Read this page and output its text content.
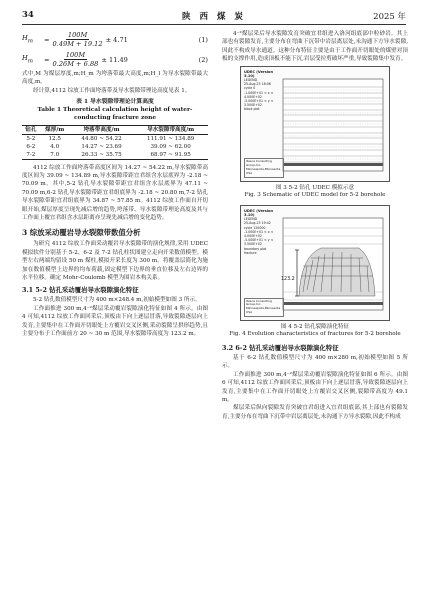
34	陕 西 煤 炭	2025 年
$H_m$	= $\frac{100M}{0.49M + 19.12} \pm 4.71$	(1)
$H_m$	= $\frac{100M}{0.26M + 6.88} \pm 11.49$	(2)

式中,M 为煤层厚度,m;H_m 为垮落带最大高度,m;H_l 为导水裂隙带最大高度,m。

经计算,4112 综放工作面垮落带及导水裂隙带理论高度见表 1。

表 1 导水裂隙带理论计算高度
Table 1 Theoretical calculation height of water-
conducting fracture zone
钻孔	煤厚/m	垮落带高度/m	导水裂隙带高度/m
5-2	12.5	44.80 ~ 54.22	111.91 ~ 134.89
6-2	4.0	14.27 ~ 23.69	39.09 ~ 62.00
7-2	7.0	26.33 ~ 35.75	68.97 ~ 91.95

4112 综放工作面垮落带高度区间为 14.27 ~ 54.22 m,导水裂隙带高度区间为 39.09 ~ 134.89 m,导水裂隙带距宜君组含水层底界为 -2.18 ~ 70.09 m。其中,5-2 钻孔导水裂隙带距宜君组含水层底界为 47.11 ~ 70.09 m,6-2 钻孔导水裂隙带距宜君组底界为 -2.18 ~ 20.80 m,7-2 钻孔导水裂隙带距宜君组底界为 34.87 ~ 57.85 m。4112 综放工作面自开切眼开始,煤层厚度呈现先减后增的趋势,垮落带、导水裂隙带理论高度及其与工作面上覆宜君组含水层距离亦呈现先减后增的变化趋势。

3 综放采动覆岩导水裂隙带数值分析

为研究 4112 综放工作面采动覆岩导水裂隙带的演化规律,采用 UDEC 模拟软件分别基于 5-2、6-2 及 7-2 钻孔柱状图建立走向开采数值模型。模型左右两端均留设 50 m 煤柱,模拟开采长度为 300 m。将覆盖层简化为施加在数值模型上边界的均布荷载,固定模型下边界的垂直位移及左右边界的水平位移。确定 Mohr-Coulomb 模型为围岩本构关系。

3.1 5-2 钻孔采动覆岩导水裂隙演化特征

5-2 钻孔数值模型尺寸为 400 m×248.4 m,初始模型如图 3 所示。

工作面推进 300 m,4⁻²煤层采动覆岩裂隙演化特征如图 4 所示。由图 4 可知,4112 综放工作面回采后,顶板由下向上逐层冒落,导致裂隙逐层向上发育,主要集中在工作面开切眼处上方覆岩交叉区侧,采动裂隙呈拱形趋势,且主要分布于工作面前方 20 ~ 30 m 范围,导水裂隙带高度为 123.2 m。

4⁻²煤层采后导水裂隙发育突破宜君组进入洛河组底部中粒砂岩。其上部也有裂隙发育,主要分布在弯曲下沉带中岩层离层处,未沟通下方导水裂隙,因此不构成导水通道。这种分布特征主要是由于工作面开切眼处的煤壁对顶板的支撑作用,造成顶板不能下沉,岩层受拉剪破坏严重,导致裂隙集中发育。

UDEC (Version 3.10)
LEGEND
25-Aug-23 18:06
cycle 0
-1.000E+01 < x < 4.000E+02
-5.000E+01 < y < 3.500E+02
block plot
Itasca Consulting Group,Inc.
Minneapolis,Minnesota USA
图 3 5-2 钻孔 UDEC 模拟示意
Fig. 3 Schematic of UDEC model for 5-2 borehole
UDEC (Version 3.10)
LEGEND
25-Aug-23 19:42
cycle 120000
-1.000E+01 < x < 4.000E+02
-5.000E+01 < y < 3.500E+02
boundary plot
fracture
123.2
Itasca Consulting Group,Inc.
Minneapolis,Minnesota USA
图 4 5-2 钻孔裂隙演化特征
Fig. 4 Evolution characteristics of fractures for 5-2 borehole
3.2 6-2 钻孔采动覆岩导水裂隙演化特征

基于 6-2 钻孔数值模型尺寸为 400 m×280 m,初始模型如图 5 所示。

工作面推进 300 m,4⁻²煤层采动覆岩裂隙演化特征如图 6 所示。由图 6 可知,4112 综放工作面回采后,顶板由下向上逐层冒落,导致裂隙逐层向上发育,主要集中在工作面开切眼处上方覆岩交叉区侧,裂隙带高度为 49.1 m。

煤层采后纵向裂隙发育突破宜君组进入宜君组底部,其上部也有裂隙发育,主要分布在弯曲下沉带中岩层离层处,未沟通下方导水裂隙,因此不构成
